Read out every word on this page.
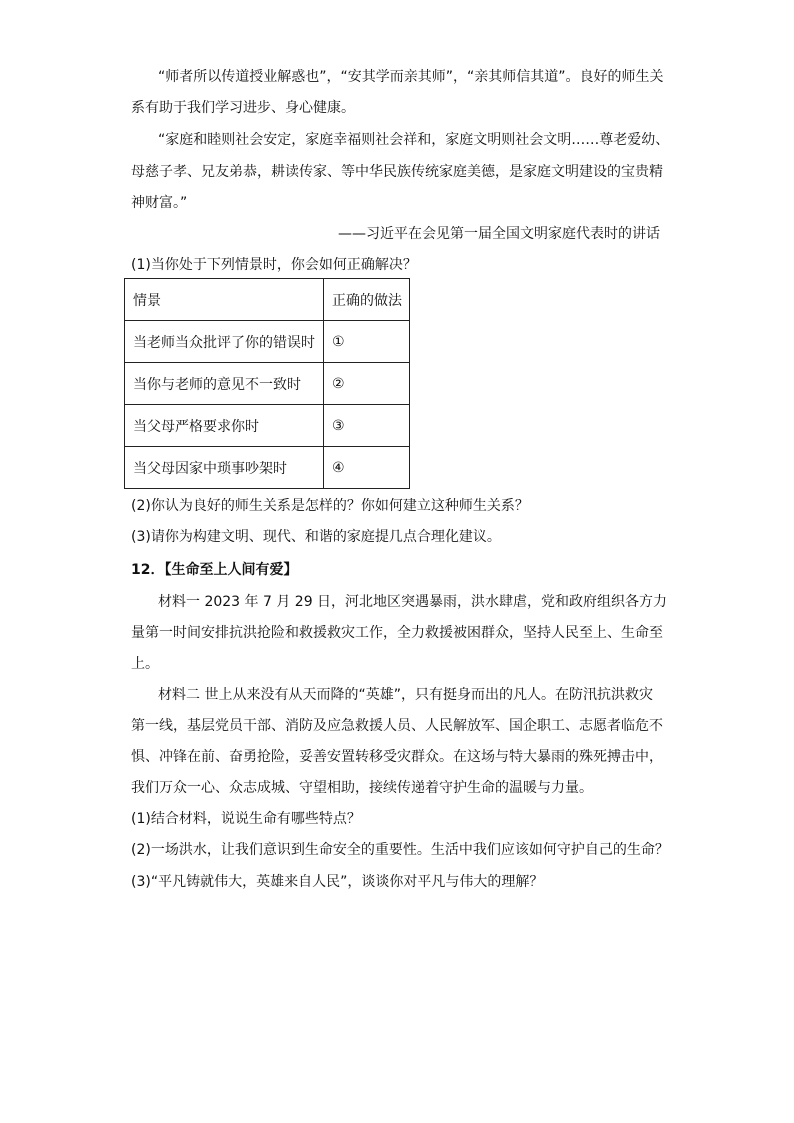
“师者所以传道授业解惑也”，“安其学而亲其师”，“亲其师信其道”。良好的师生关
系有助于我们学习进步、身心健康。
“家庭和睦则社会安定，家庭幸福则社会祥和，家庭文明则社会文明……尊老爱幼、
母慈子孝、兄友弟恭，耕读传家、等中华民族传统家庭美德，是家庭文明建设的宝贵精
神财富。”
——习近平在会见第一届全国文明家庭代表时的讲话
(1)当你处于下列情景时，你会如何正确解决？
情景	正确的做法
当老师当众批评了你的错误时	①
当你与老师的意见不一致时	②
当父母严格要求你时	③
当父母因家中琐事吵架时	④
(2)你认为良好的师生关系是怎样的？你如何建立这种师生关系？
(3)请你为构建文明、现代、和谐的家庭提几点合理化建议。
12．【生命至上人间有爱】
材料一 2023 年 7 月 29 日，河北地区突遇暴雨，洪水肆虐，党和政府组织各方力
量第一时间安排抗洪抢险和救援救灾工作，全力救援被困群众，坚持人民至上、生命至
上。
材料二 世上从来没有从天而降的“英雄”，只有挺身而出的凡人。在防汛抗洪救灾
第一线，基层党员干部、消防及应急救援人员、人民解放军、国企职工、志愿者临危不
惧、冲锋在前、奋勇抢险，妥善安置转移受灾群众。在这场与特大暴雨的殊死搏击中，
我们万众一心、众志成城、守望相助，接续传递着守护生命的温暖与力量。
(1)结合材料，说说生命有哪些特点？
(2)一场洪水，让我们意识到生命安全的重要性。生活中我们应该如何守护自己的生命？
(3)“平凡铸就伟大，英雄来自人民”，谈谈你对平凡与伟大的理解？
